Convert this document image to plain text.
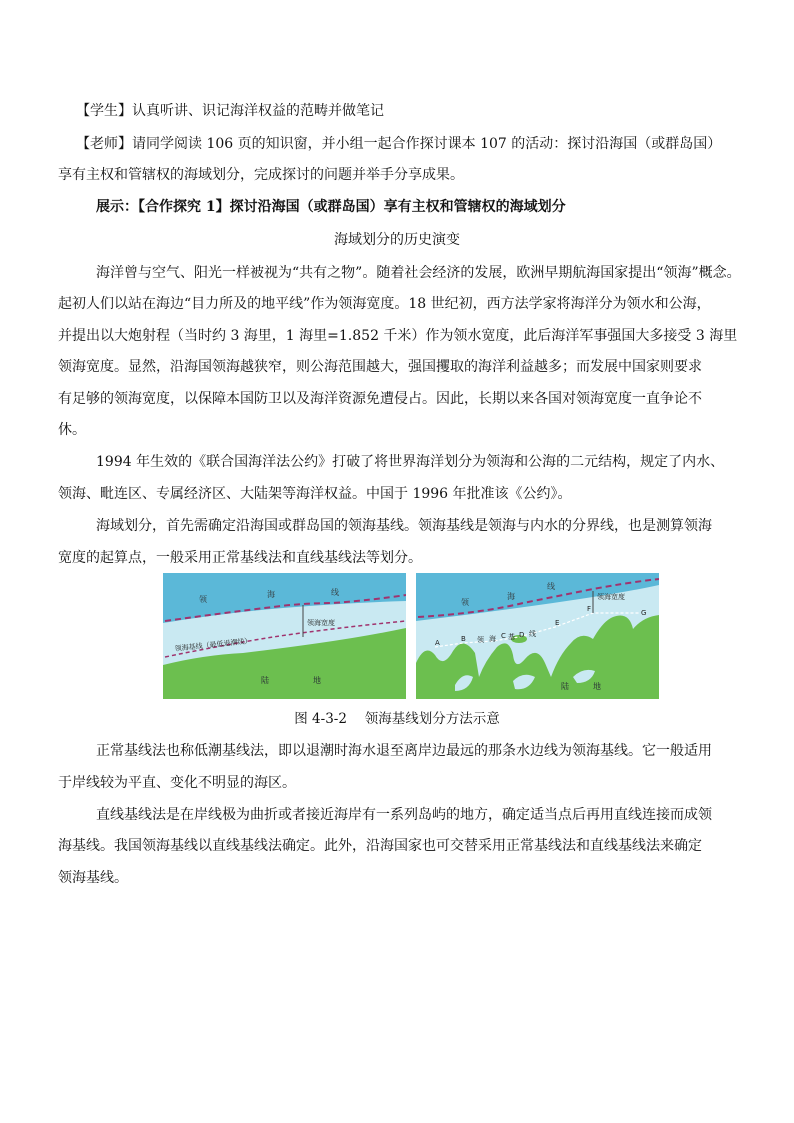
【学生】认真听讲、识记海洋权益的范畴并做笔记
【老师】请同学阅读 106 页的知识窗，并小组一起合作探讨课本 107 的活动：探讨沿海国（或群岛国）
享有主权和管辖权的海域划分，完成探讨的问题并举手分享成果。
展示：【合作探究 1】探讨沿海国（或群岛国）享有主权和管辖权的海域划分
海域划分的历史演变
海洋曾与空气、阳光一样被视为“共有之物”。随着社会经济的发展，欧洲早期航海国家提出“领海”概念。
起初人们以站在海边“目力所及的地平线”作为领海宽度。18 世纪初，西方法学家将海洋分为领水和公海，
并提出以大炮射程（当时约 3 海里，1 海里=1.852 千米）作为领水宽度，此后海洋军事强国大多接受 3 海里
领海宽度。显然，沿海国领海越狭窄，则公海范围越大，强国攫取的海洋利益越多；而发展中国家则要求
有足够的领海宽度，以保障本国防卫以及海洋资源免遭侵占。因此，长期以来各国对领海宽度一直争论不
休。
1994 年生效的《联合国海洋法公约》打破了将世界海洋划分为领海和公海的二元结构，规定了内水、
领海、毗连区、专属经济区、大陆架等海洋权益。中国于 1996 年批准该《公约》。
海域划分，首先需确定沿海国或群岛国的领海基线。领海基线是领海与内水的分界线，也是测算领海
宽度的起算点，一般采用正常基线法和直线基线法等划分。
领
海	线
领海宽度
领海基线（最低退潮线）
陆	地
领
海
线
领海宽度
领 海 基 线
A	B	C D
E
F	G
陆	地
图 4-3-2　 领海基线划分方法示意
正常基线法也称低潮基线法，即以退潮时海水退至离岸边最远的那条水边线为领海基线。它一般适用
于岸线较为平直、变化不明显的海区。
直线基线法是在岸线极为曲折或者接近海岸有一系列岛屿的地方，确定适当点后再用直线连接而成领
海基线。我国领海基线以直线基线法确定。此外，沿海国家也可交替采用正常基线法和直线基线法来确定
领海基线。
